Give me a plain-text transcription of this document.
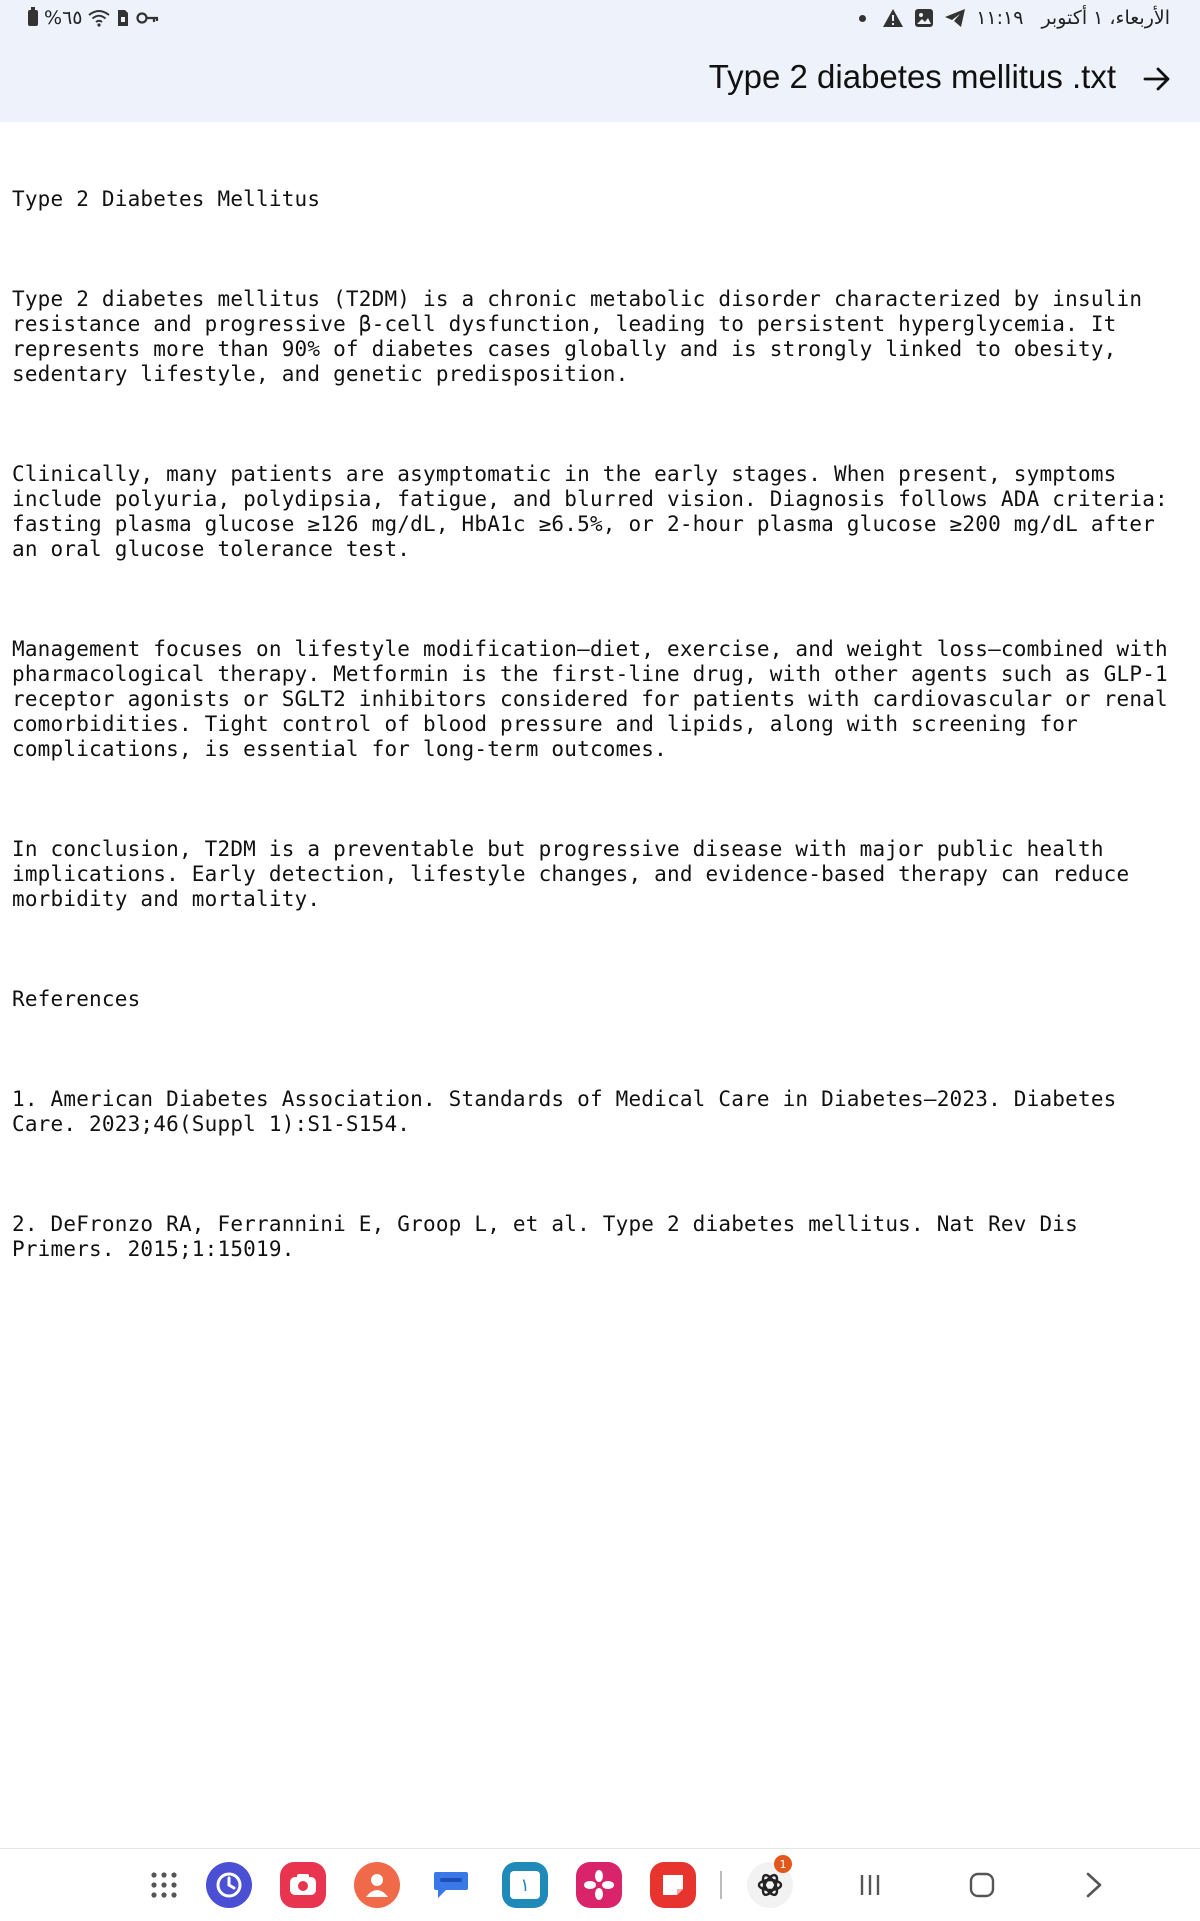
%٦٥	١١:١٩ الأربعاء، ١ أكتوبر
Type 2 diabetes mellitus .txt

Type 2 Diabetes Mellitus

Type 2 diabetes mellitus (T2DM) is a chronic metabolic disorder characterized by insulin resistance and progressive β-cell dysfunction, leading to persistent hyperglycemia. It represents more than 90% of diabetes cases globally and is strongly linked to obesity, sedentary lifestyle, and genetic predisposition.

Clinically, many patients are asymptomatic in the early stages. When present, symptoms include polyuria, polydipsia, fatigue, and blurred vision. Diagnosis follows ADA criteria: fasting plasma glucose ≥126 mg/dL, HbA1c ≥6.5%, or 2-hour plasma glucose ≥200 mg/dL after an oral glucose tolerance test.

Management focuses on lifestyle modification—diet, exercise, and weight loss—combined with pharmacological therapy. Metformin is the first-line drug, with other agents such as GLP-1 receptor agonists or SGLT2 inhibitors considered for patients with cardiovascular or renal comorbidities. Tight control of blood pressure and lipids, along with screening for complications, is essential for long-term outcomes.

In conclusion, T2DM is a preventable but progressive disease with major public health implications. Early detection, lifestyle changes, and evidence-based therapy can reduce morbidity and mortality.

References

1. American Diabetes Association. Standards of Medical Care in Diabetes—2023. Diabetes Care. 2023;46(Suppl 1):S1-S154.

2. DeFronzo RA, Ferrannini E, Groop L, et al. Type 2 diabetes mellitus. Nat Rev Dis Primers. 2015;1:15019.

١
1
